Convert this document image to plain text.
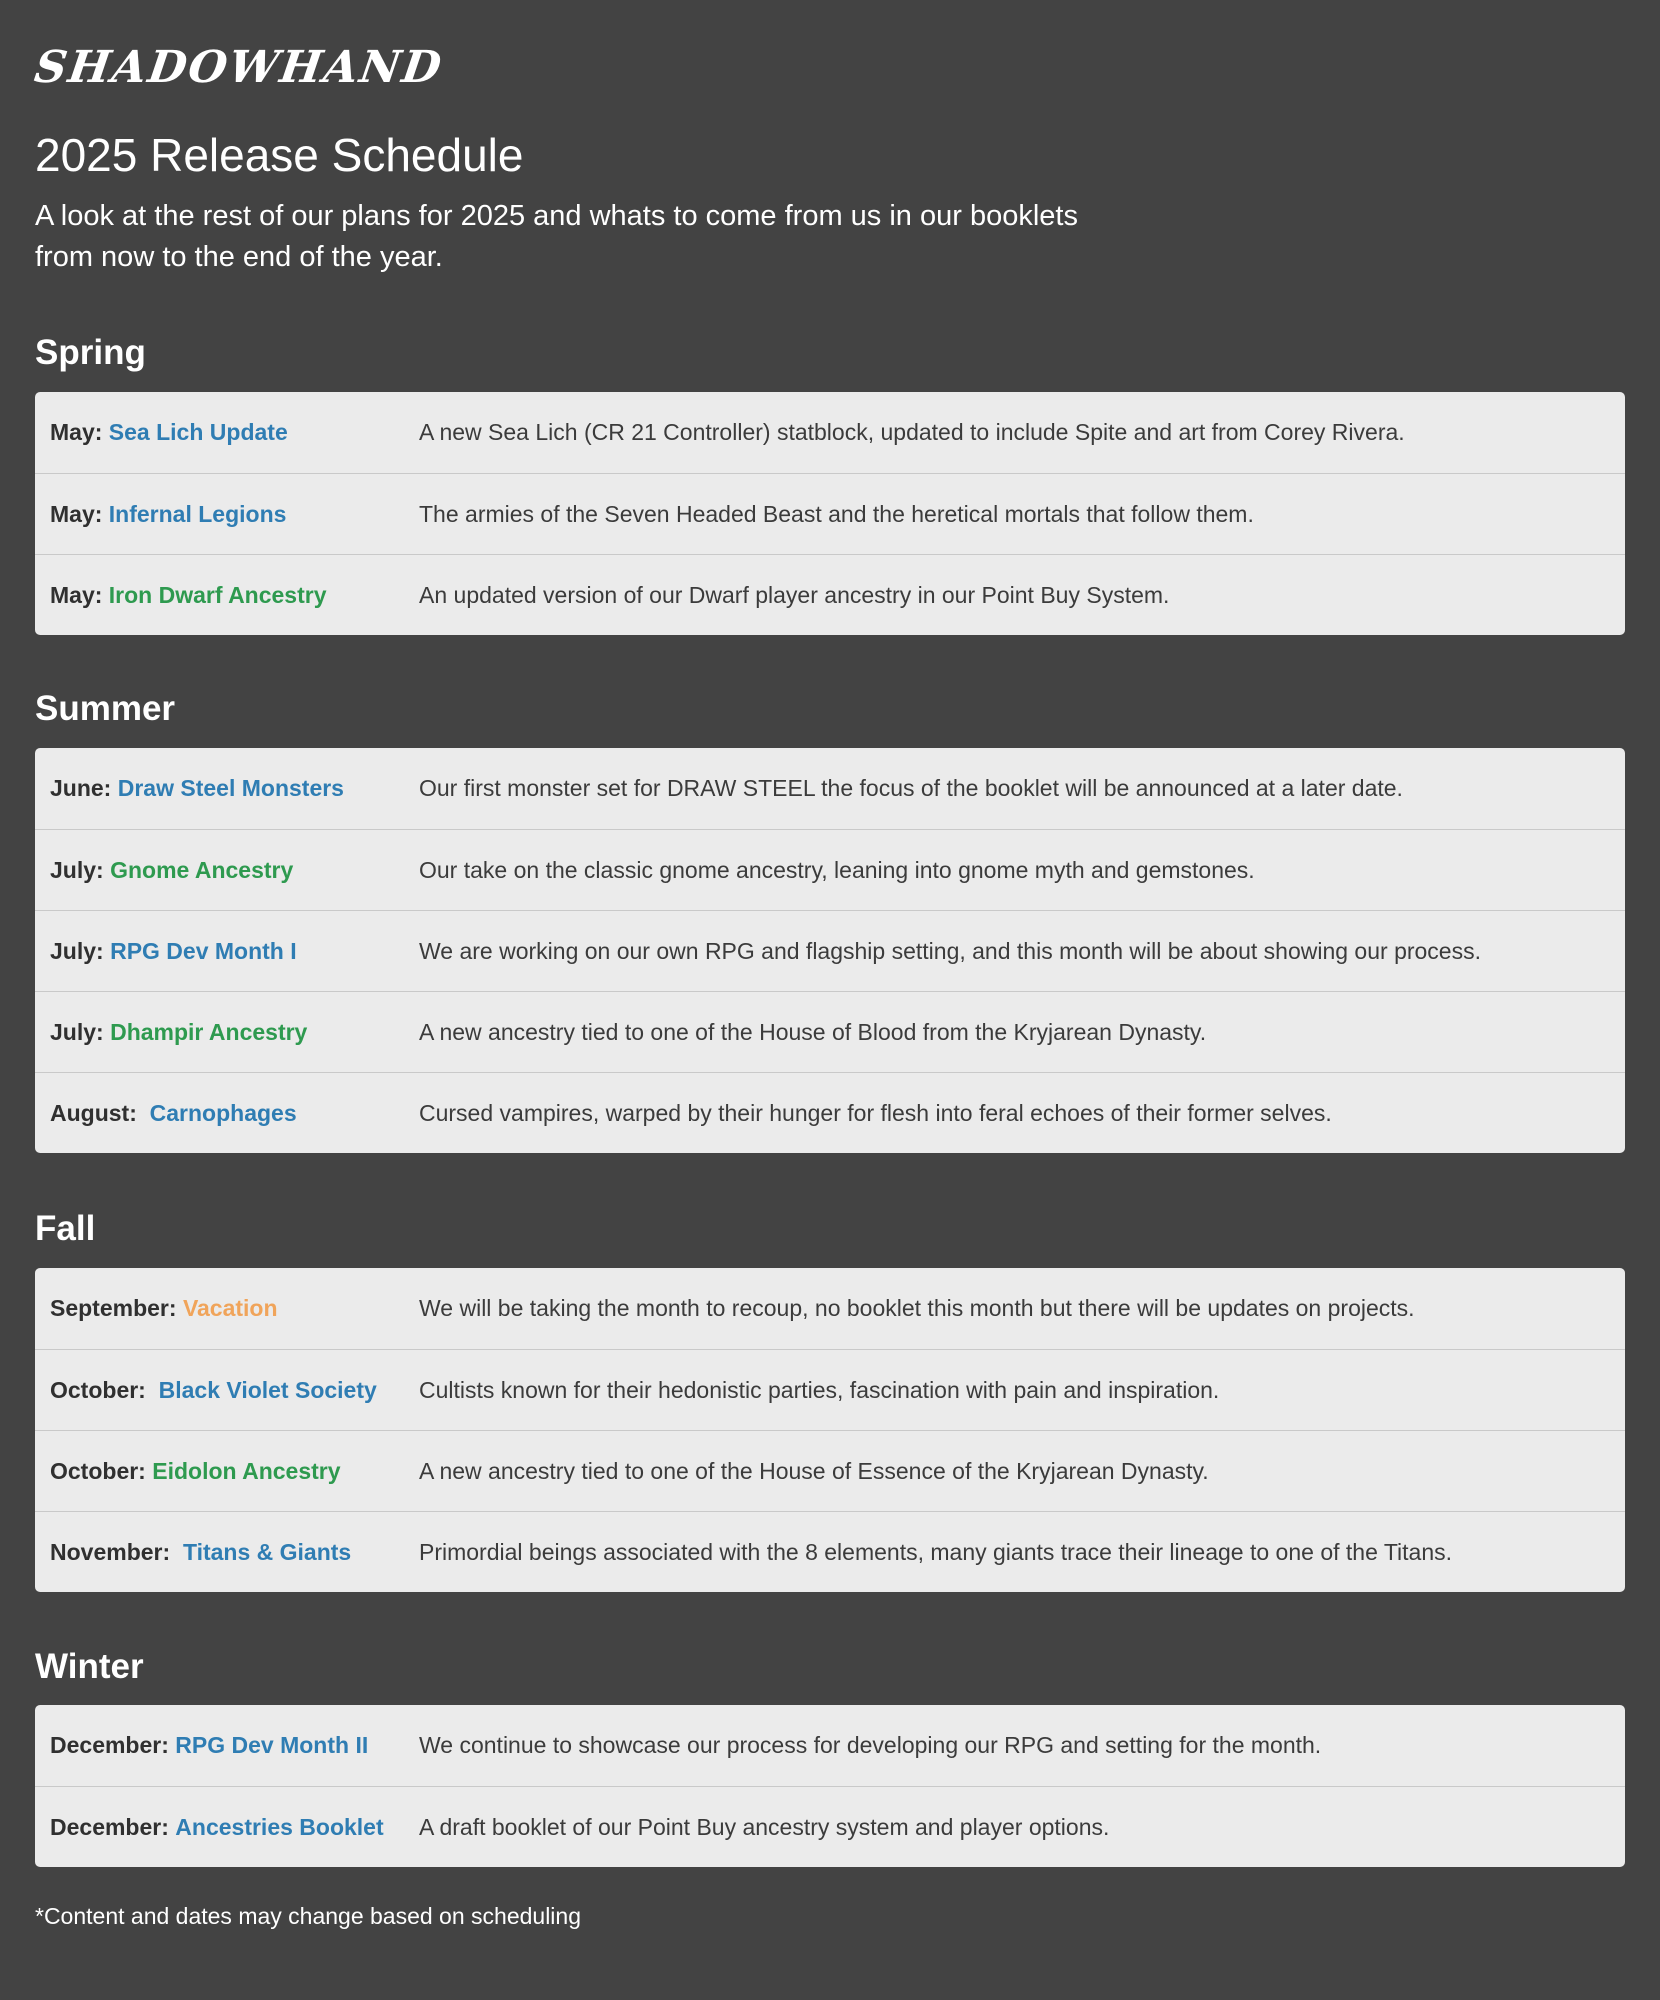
SHADOWHAND
2025 Release Schedule

A look at the rest of our plans for 2025 and whats to come from us in our booklets
from now to the end of the year.

Spring
May: Sea Lich Update	A new Sea Lich (CR 21 Controller) statblock, updated to include Spite and art from Corey Rivera.
May: Infernal Legions	The armies of the Seven Headed Beast and the heretical mortals that follow them.
May: Iron Dwarf Ancestry	An updated version of our Dwarf player ancestry in our Point Buy System.
Summer
June: Draw Steel Monsters	Our first monster set for DRAW STEEL the focus of the booklet will be announced at a later date.
July: Gnome Ancestry	Our take on the classic gnome ancestry, leaning into gnome myth and gemstones.
July: RPG Dev Month I	We are working on our own RPG and flagship setting, and this month will be about showing our process.
July: Dhampir Ancestry	A new ancestry tied to one of the House of Blood from the Kryjarean Dynasty.
August: Carnophages	Cursed vampires, warped by their hunger for flesh into feral echoes of their former selves.
Fall
September: Vacation	We will be taking the month to recoup, no booklet this month but there will be updates on projects.
October: Black Violet Society	Cultists known for their hedonistic parties, fascination with pain and inspiration.
October: Eidolon Ancestry	A new ancestry tied to one of the House of Essence of the Kryjarean Dynasty.
November: Titans & Giants	Primordial beings associated with the 8 elements, many giants trace their lineage to one of the Titans.
Winter
December: RPG Dev Month II	We continue to showcase our process for developing our RPG and setting for the month.
December: Ancestries Booklet	A draft booklet of our Point Buy ancestry system and player options.

*Content and dates may change based on scheduling
